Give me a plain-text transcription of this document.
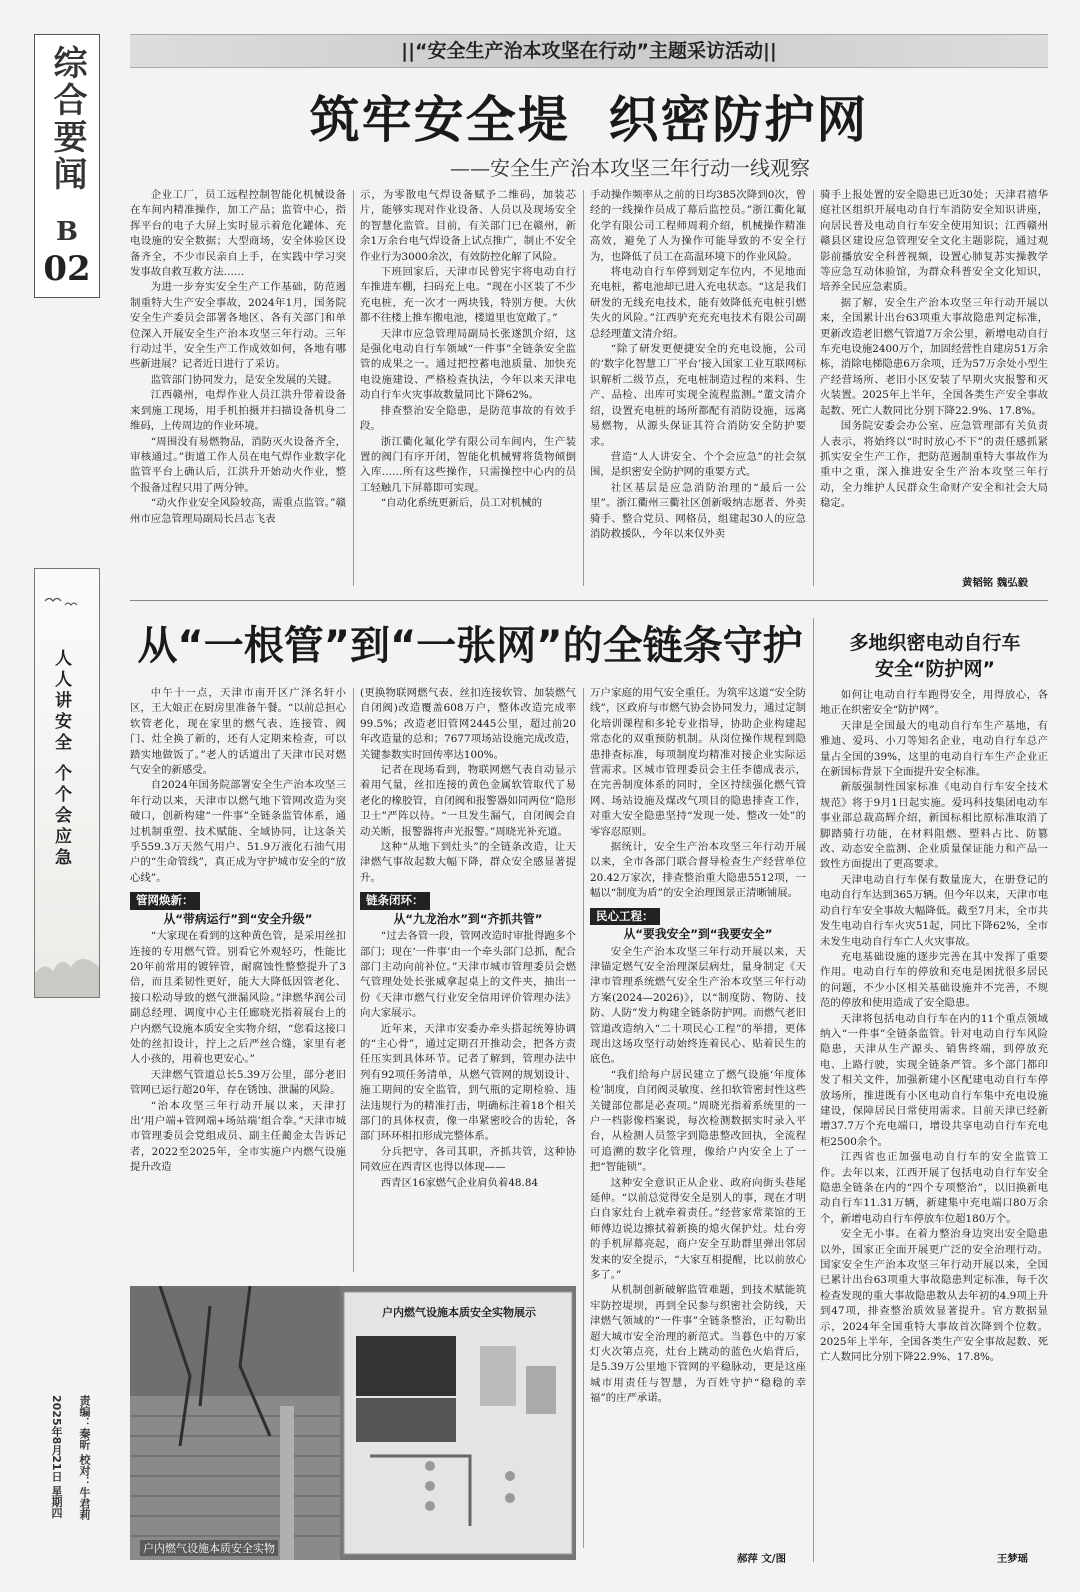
综合要闻
B
02
人人讲安全 个个会应急
责编：秦昕 校对：牛君莉
2025年8月21日 星期四
||“安全生产治本攻坚在行动”主题采访活动||
筑牢安全堤  织密防护网
——安全生产治本攻坚三年行动一线观察

企业工厂，员工远程控制智能化机械设备在车间内精准操作，加工产品；监管中心，指挥平台的电子大屏上实时显示着危化罐体、充电设施的安全数据；大型商场，安全体验区设备齐全，不少市民亲自上手，在实践中学习突发事故自救互救方法……

为进一步夯实安全生产工作基础，防范遏制重特大生产安全事故，2024年1月，国务院安全生产委员会部署各地区、各有关部门和单位深入开展安全生产治本攻坚三年行动。三年行动过半，安全生产工作成效如何，各地有哪些新进展？记者近日进行了采访。

监管部门协同发力，是安全发展的关键。

江西赣州，电焊作业人员江洪升带着设备来到施工现场，用手机拍摄并扫描设备机身二维码，上传周边的作业环境。

“周围没有易燃物品，消防灭火设备齐全，审核通过。”街道工作人员在电气焊作业数字化监管平台上确认后，江洪升开始动火作业，整个报备过程只用了两分钟。

“动火作业安全风险较高，需重点监管。”赣州市应急管理局副局长吕志飞表

示，为零散电气焊设备赋予二维码，加装芯片，能够实现对作业设备、人员以及现场安全的智慧化监管。目前，有关部门已在赣州，新余1万余台电气焊设备上试点推广，制止不安全作业行为3000余次，有效防控化解了风险。

下班回家后，天津市民曾宪宇将电动自行车推进车棚，扫码充上电。“现在小区装了不少充电桩，充一次才一两块钱，特别方便。大伙都不往楼上推车搬电池，楼道里也宽敞了。”

天津市应急管理局副局长张遂凯介绍，这是强化电动自行车领域“一件事”全链条安全监管的成果之一。通过把控蓄电池质量、加快充电设施建设、严格检查执法，今年以来天津电动自行车火灾事故数量同比下降62%。

排查整治安全隐患，是防范事故的有效手段。

浙江衢化氟化学有限公司车间内，生产装置的阀门有序开闭，智能化机械臂将货物倾倒入库……所有这些操作，只需操控中心内的员工轻触几下屏幕即可实现。

“自动化系统更新后，员工对机械的

手动操作频率从之前的日均385次降到0次，曾经的一线操作员成了幕后监控员。”浙江衢化氟化学有限公司工程师周莉介绍，机械操作精准高效，避免了人为操作可能导致的不安全行为，也降低了员工在高温环境下的作业风险。

将电动自行车停到划定车位内，不见地面充电桩，蓄电池却已进入充电状态。“这是我们研发的无线充电技术，能有效降低充电桩引燃失火的风险。”江西驴充充充电技术有限公司副总经理董文清介绍。

“除了研发更便捷安全的充电设施，公司的‘数字化智慧工厂平台’接入国家工业互联网标识解析二级节点，充电桩制造过程的来料、生产、品检、出库可实现全流程监测。”董文清介绍，设置充电桩的场所都配有消防设施，远离易燃物，从源头保证其符合消防安全防护要求。

营造“人人讲安全、个个会应急”的社会氛围，是织密安全防护网的重要方式。

社区基层是应急消防治理的“最后一公里”。浙江衢州三衢社区创新吸纳志愿者、外卖骑手、整合党员、网格员，组建起30人的应急消防救援队，今年以来仅外卖

骑手上报处置的安全隐患已近30处；天津君禧华庭社区组织开展电动自行车消防安全知识讲座，向居民普及电动自行车安全使用知识；江西赣州赣县区建设应急管理安全文化主题影院，通过观影前播放安全科普视频，设置心肺复苏实操教学等应急互动体验馆，为群众科普安全文化知识，培养全民应急素质。

据了解，安全生产治本攻坚三年行动开展以来，全国累计出台63项重大事故隐患判定标准，更新改造老旧燃气管道7万余公里，新增电动自行车充电设施2400万个，加固经营性自建房51万余栋，消除电梯隐患6万余项，迁为57万余处小型生产经营场所、老旧小区安装了早期火灾报警和灭火装置。2025年上半年，全国各类生产安全事故起数、死亡人数同比分别下降22.9%、17.8%。

国务院安委会办公室、应急管理部有关负责人表示，将始终以“时时放心不下”的责任感抓紧抓实安全生产工作，把防范遏制重特大事故作为重中之重，深入推进安全生产治本攻坚三年行动，全力维护人民群众生命财产安全和社会大局稳定。

黄韬铭 魏弘毅
从“一根管”到“一张网”的全链条守护

中午十一点，天津市南开区广泽名轩小区，王大娘正在厨房里准备午餐。“以前总担心软管老化，现在家里的燃气表、连接管、阀门、灶全换了新的，还有人定期来检查，可以踏实地做饭了。”老人的话道出了天津市民对燃气安全的新感受。

自2024年国务院部署安全生产治本攻坚三年行动以来，天津市以燃气地下管网改造为突破口，创新构建“一件事”全链条监管体系，通过机制重塑、技术赋能、全域协同，让这条关乎559.3万天然气用户、51.9万液化石油气用户的“生命管线”，真正成为守护城市安全的“放心线”。

管网焕新：
从“带病运行”到“安全升级”

“大家现在看到的这种黄色管，是采用丝扣连接的专用燃气管。别看它外观轻巧，性能比20年前常用的镀锌管，耐腐蚀性整整提升了3倍，而且柔韧性更好，能大大降低因管老化、接口松动导致的燃气泄漏风险。”津燃华润公司副总经理、调度中心主任廊晓光指着展台上的户内燃气设施本质安全实物介绍，“您看这接口处的丝扣设计，拧上之后严丝合缝，家里有老人小孩的，用着也更安心。”

天津燃气管道总长5.39万公里，部分老旧管网已运行超20年，存在锈蚀、泄漏的风险。

“治本攻坚三年行动开展以来，天津打出‘用户端+管网端+场站端’组合拳。”天津市城市管理委员会党组成员、副主任蔺金太告诉记者，2022至2025年，全市实施户内燃气设施提升改造

(更换物联网燃气表、丝扣连接软管、加装燃气自闭阀)改造覆盖608万户，整体改造完成率99.5%；改造老旧管网2445公里，超过前20年改造量的总和；7677项场站设施完成改造，关键参数实时回传率达100%。

记者在现场看到，物联网燃气表自动显示着用气量，丝扣连接的黄色金属软管取代了易老化的橡胶管，自闭阀和报警器如同两位“隐形卫士”严阵以待。“一旦发生漏气，自闭阀会自动关断，报警器将声光报警。”周晓光补充道。

这种“从地下到灶头”的全链条改造，让天津燃气事故起数大幅下降，群众安全感显著提升。

链条闭环：
从“九龙治水”到“齐抓共管”

“过去各管一段，管网改造时审批得跑多个部门；现在‘一件事’由一个牵头部门总抓，配合部门主动向前补位。”天津市城市管理委员会燃气管理处处长张威拿起桌上的文件夹，抽出一份《天津市燃气行业安全信用评价管理办法》向大家展示。

近年来，天津市安委办牵头搭起统筹协调的“主心骨”，通过定期召开推动会，把各方责任压实到具体环节。记者了解到，管理办法中列有92项任务清单，从燃气管网的规划设计、施工期间的安全监管，到气瓶的定期检验、违法违规行为的精准打击，明确标注着18个相关部门的具体权责，像一串紧密咬合的齿轮，各部门环环相扣形成完整体系。

分兵把守，各司其职，齐抓共管，这种协同效应在西青区也得以体现——

西青区16家燃气企业肩负着48.84

万户家庭的用气安全重任。为筑牢这道“安全防线”，区政府与市燃气协会协同发力，通过定制化培训课程和多轮专业指导，协助企业构建起常态化的双重预防机制。从岗位操作规程到隐患排查标准，每项制度均精准对接企业实际运营需求。区城市管理委员会主任李德成表示，在完善制度体系的同时，全区持续强化燃气管网、场站设施及煤改气项目的隐患排查工作，对重大安全隐患坚持“发现一处、整改一处”的零容忍原则。

据统计，安全生产治本攻坚三年行动开展以来，全市各部门联合督导检查生产经营单位20.42万家次，排查整治重大隐患5512项，一幅以“制度为盾”的安全治理图景正清晰铺展。

民心工程：
从“要我安全”到“我要安全”

安全生产治本攻坚三年行动开展以来，天津锚定燃气安全治理深层病灶，量身制定《天津市管理系统燃气安全生产治本攻坚三年行动方案(2024—2026)》，以“制度防、物防、技防、人防”发力构建全链条防护网。而燃气老旧管道改造纳入“二十项民心工程”的举措，更体现出这场攻坚行动始终连着民心、贴着民生的底色。

“我们给每户居民建立了燃气设施‘年度体检’制度，自闭阀灵敏度、丝扣软管密封性这些关键部位都是必查项。”周晓光指着系统里的一户一档影像档案说，每次检测数据实时录入平台，从检测人员签字到隐患整改回执，全流程可追溯的数字化管理，像给户内安全上了一把“智能锁”。

这种安全意识正从企业、政府向街头巷尾延伸。“以前总觉得安全是别人的事，现在才明白自家灶台上就牵着责任。”经营家常菜馆的王师傅边说边擦拭着新换的熄火保护灶。灶台旁的手机屏幕亮起，商户安全互助群里弹出邻居发来的安全提示，“大家互相提醒，比以前放心多了。”

从机制创新破解监管难题，到技术赋能筑牢防控堤坝，再到全民参与织密社会防线，天津燃气领域的“一件事”全链条整治，正勾勒出超大城市安全治理的新范式。当暮色中的万家灯火次第点亮，灶台上跳动的蓝色火焰背后，是5.39万公里地下管网的平稳脉动，更是这座城市用责任与智慧，为百姓守护“稳稳的幸福”的庄严承诺。

郝萍 文/图
户内燃气设施本质安全实物展示
户内燃气设施本质安全实物
多地织密电动自行车
安全“防护网”

如何让电动自行车跑得安全，用得放心，各地正在织密安全“防护网”。

天津是全国最大的电动自行车生产基地，有雅迪、爱玛、小刀等知名企业，电动自行车总产量占全国的39%，这里的电动自行车生产企业正在新国标背景下全面提升安全标准。

新版强制性国家标准《电动自行车安全技术规范》将于9月1日起实施。爱玛科技集团电动车事业部总裁高辉介绍，新国标相比原标准取消了脚踏骑行功能，在材料阻燃、塑料占比、防篡改、动态安全监测、企业质量保证能力和产品一致性方面提出了更高要求。

天津电动自行车保有数量庞大，在册登记的电动自行车达到365万辆。但今年以来，天津市电动自行车安全事故大幅降低。截至7月末，全市共发生电动自行车火灾51起，同比下降62%，全市未发生电动自行车亡人火灾事故。

充电基础设施的逐步完善在其中发挥了重要作用。电动自行车的停放和充电是困扰很多居民的问题，不少小区相关基础设施并不完善，不规范的停放和使用造成了安全隐患。

天津将包括电动自行车在内的11个重点领域纳入“一件事”全链条监管。针对电动自行车风险隐患，天津从生产源头、销售终端，到停放充电、上路行驶，实现全链条严管。多个部门都印发了相关文件，加强新建小区配建电动自行车停放场所，推进既有小区电动自行车集中充电设施建设，保障居民日常使用需求。目前天津已经新增37.7万个充电端口，增设共享电动自行车充电柜2500余个。

江西省也正加强电动自行车的安全监管工作。去年以来，江西开展了包括电动自行车安全隐患全链条在内的“四个专项整治”，以旧换新电动自行车11.31万辆，新建集中充电端口80万余个，新增电动自行车停放车位超180万个。

安全无小事。在着力整治身边突出安全隐患以外，国家正全面开展更广泛的安全治理行动。国家安全生产治本攻坚三年行动开展以来，全国已累计出台63项重大事故隐患判定标准，每千次检查发现的重大事故隐患数从去年初的4.9项上升到47项，排查整治质效显著提升。官方数据显示，2024年全国重特大事故首次降到个位数。2025年上半年，全国各类生产安全事故起数、死亡人数同比分别下降22.9%、17.8%。

王梦瑶
